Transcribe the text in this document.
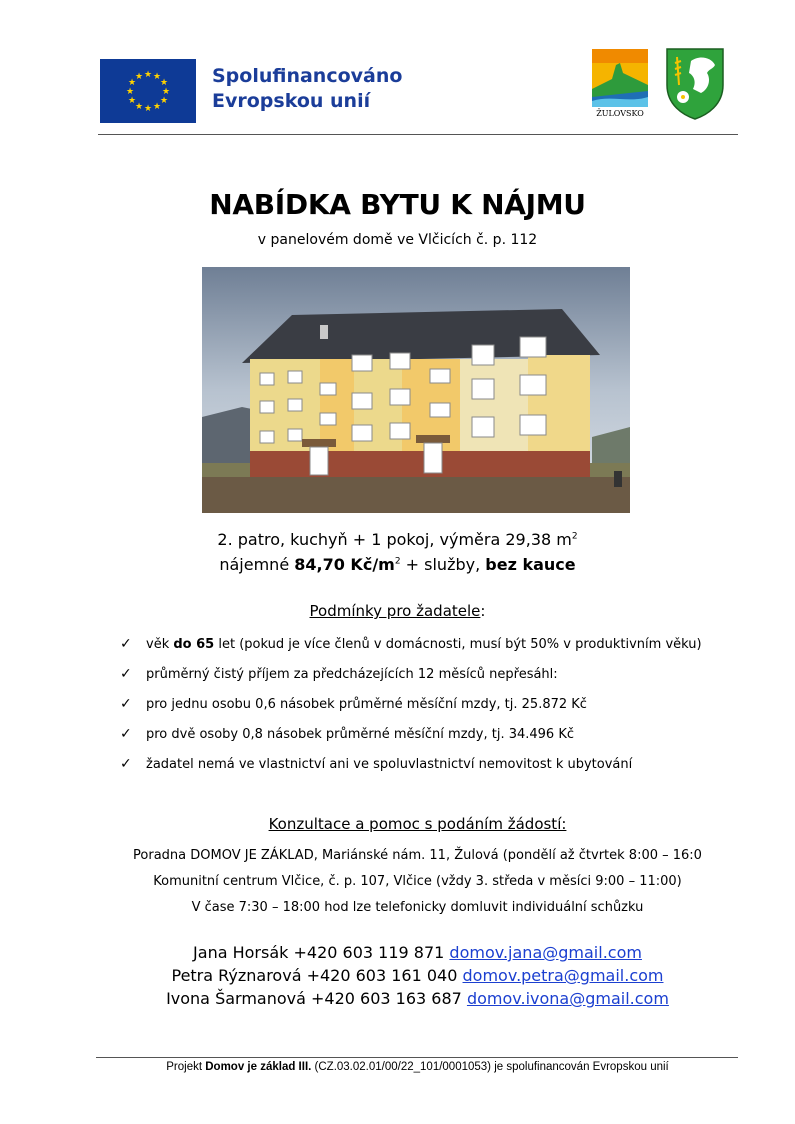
★ ★
★
★
★
★
★
★
★
★
★
★	Spolufinancováno
Evropskou unií
ŽULOVSKO
NABÍDKA BYTU K NÁJMU
v panelovém domě ve Vlčicích č. p. 112
2. patro, kuchyň + 1 pokoj, výměra 29,38 $m^2$
nájemné 84,70 $Kč/m^2$ + služby, bez kauce
Podmínky pro žadatele:
✓ věk do 65 let (pokud je více členů v domácnosti, musí být 50% v produktivním věku)
✓ průměrný čistý příjem za předcházejících 12 měsíců nepřesáhl:
✓ pro jednu osobu 0,6 násobek průměrné měsíční mzdy, tj. 25.872 Kč
✓ pro dvě osoby 0,8 násobek průměrné měsíční mzdy, tj. 34.496 Kč
✓ žadatel nemá ve vlastnictví ani ve spoluvlastnictví nemovitost k ubytování
Konzultace a pomoc s podáním žádostí:
Poradna DOMOV JE ZÁKLAD, Mariánské nám. 11, Žulová (pondělí až čtvrtek 8:00 – 16:0
Komunitní centrum Vlčice, č. p. 107, Vlčice (vždy 3. středa v měsíci 9:00 – 11:00)
V čase 7:30 – 18:00 hod lze telefonicky domluvit individuální schůzku
Jana Horsák +420 603 119 871 domov.jana@gmail.com
Petra Rýznarová +420 603 161 040 domov.petra@gmail.com
Ivona Šarmanová +420 603 163 687 domov.ivona@gmail.com
Projekt Domov je základ III. (CZ.03.02.01/00/22_101/0001053) je spolufinancován Evropskou unií
